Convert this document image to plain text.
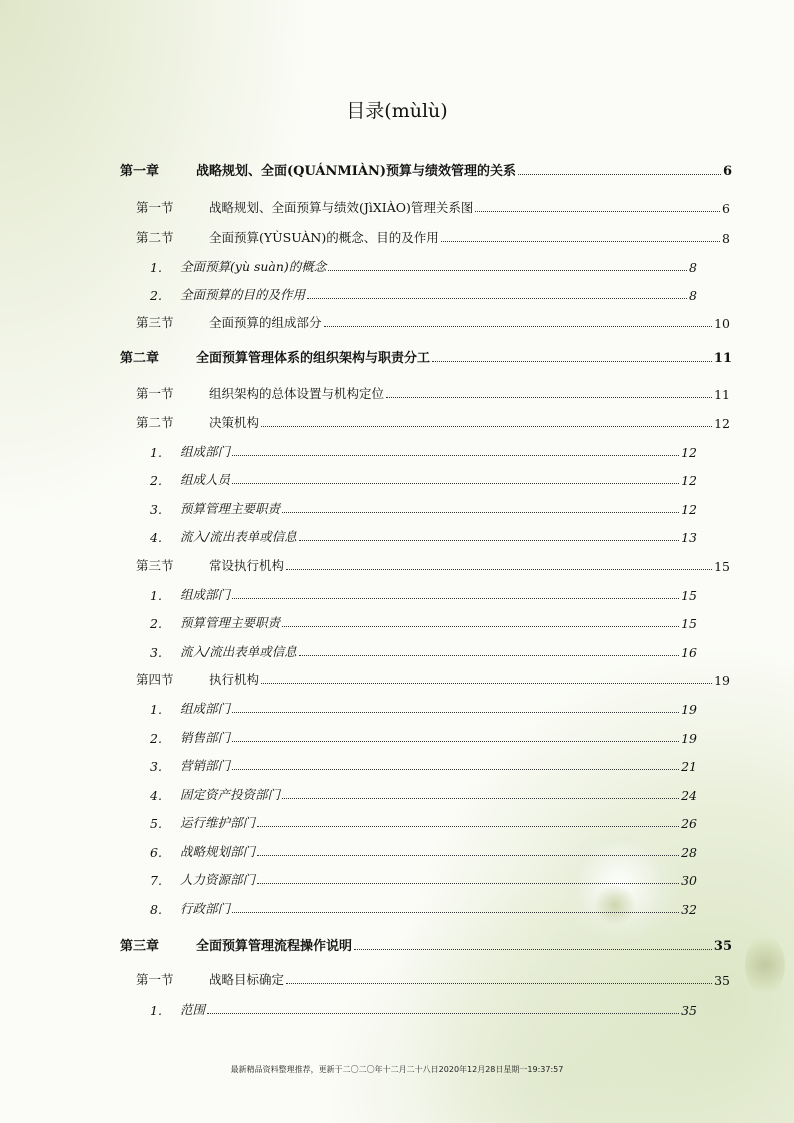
目录(mùlù)
第一章	战略规划、全面(QUÁNMIÀN)预算与绩效管理的关系	6
第一节	战略规划、全面预算与绩效(JìXIÀO)管理关系图	6
第二节	全面预算(YÙSUÀN)的概念、目的及作用	8
1.	全面预算(yù suàn)的概念	8
2.	全面预算的目的及作用	8
第三节	全面预算的组成部分	10
第二章	全面预算管理体系的组织架构与职责分工	11
第一节	组织架构的总体设置与机构定位	11
第二节	决策机构	12
1.	组成部门	12
2.	组成人员	12
3.	预算管理主要职责	12
4.	流入/流出表单或信息	13
第三节	常设执行机构	15
1.	组成部门	15
2.	预算管理主要职责	15
3.	流入/流出表单或信息	16
第四节	执行机构	19
1.	组成部门	19
2.	销售部门	19
3.	营销部门	21
4.	固定资产投资部门	24
5.	运行维护部门	26
6.	战略规划部门	28
7.	人力资源部门	30
8.	行政部门	32
第三章	全面预算管理流程操作说明	35
第一节	战略目标确定	35
1.	范围	35
最新精品资料整理推荐，更新于二〇二〇年十二月二十八日2020年12月28日星期一19:37:57
